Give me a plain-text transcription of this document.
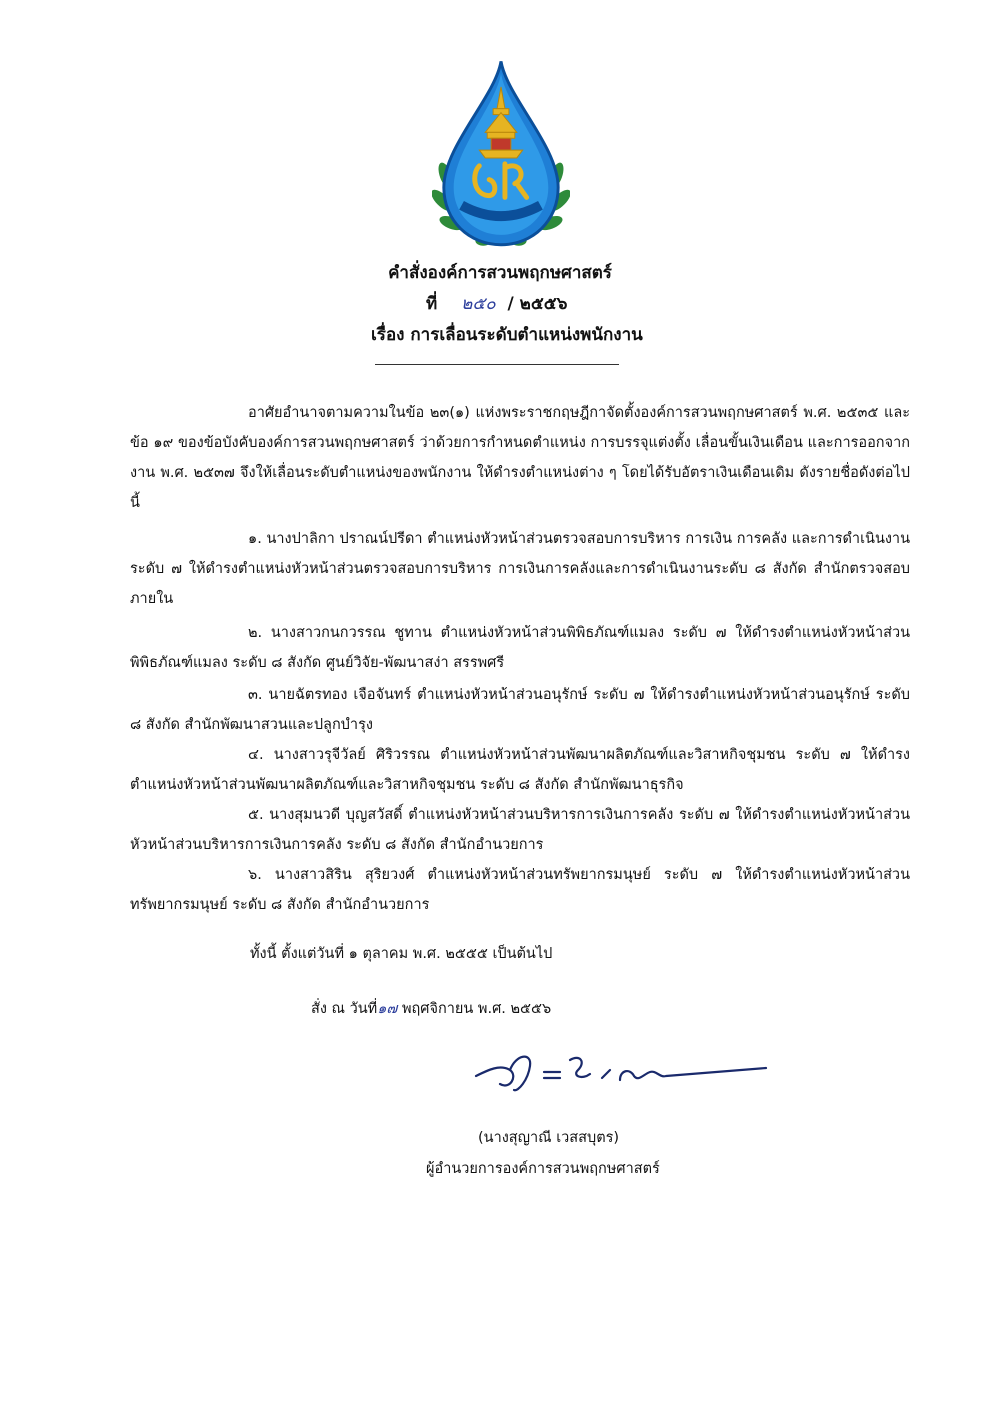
คำสั่งองค์การสวนพฤกษศาสตร์
ที่ ๒๕๐ / ๒๕๕๖
เรื่อง การเลื่อนระดับตำแหน่งพนักงาน
อาศัยอำนาจตามความในข้อ ๒๓(๑) แห่งพระราชกฤษฎีกาจัดตั้งองค์การสวนพฤกษศาสตร์ พ.ศ. ๒๕๓๕ และข้อ ๑๙ ของข้อบังคับองค์การสวนพฤกษศาสตร์ ว่าด้วยการกำหนดตำแหน่ง การบรรจุแต่งตั้ง เลื่อนขั้นเงินเดือน และการออกจากงาน พ.ศ. ๒๕๓๗ จึงให้เลื่อนระดับตำแหน่งของพนักงาน ให้ดำรงตำแหน่งต่าง ๆ โดยได้รับอัตราเงินเดือนเดิม ดังรายชื่อดังต่อไปนี้
๑. นางปาลิกา ปราณน์ปรีดา ตำแหน่งหัวหน้าส่วนตรวจสอบการบริหาร การเงิน การคลัง และการดำเนินงาน ระดับ ๗ ให้ดำรงตำแหน่งหัวหน้าส่วนตรวจสอบการบริหาร การเงินการคลังและการดำเนินงานระดับ ๘ สังกัด สำนักตรวจสอบภายใน
๒. นางสาวกนกวรรณ ชูทาน ตำแหน่งหัวหน้าส่วนพิพิธภัณฑ์แมลง ระดับ ๗ ให้ดำรงตำแหน่งหัวหน้าส่วนพิพิธภัณฑ์แมลง ระดับ ๘ สังกัด ศูนย์วิจัย-พัฒนาสง่า สรรพศรี
๓. นายฉัตรทอง เจือจันทร์ ตำแหน่งหัวหน้าส่วนอนุรักษ์ ระดับ ๗ ให้ดำรงตำแหน่งหัวหน้าส่วนอนุรักษ์ ระดับ ๘ สังกัด สำนักพัฒนาสวนและปลูกบำรุง
๔. นางสาวรุจีวัลย์ ศิริวรรณ ตำแหน่งหัวหน้าส่วนพัฒนาผลิตภัณฑ์และวิสาหกิจชุมชน ระดับ ๗ ให้ดำรงตำแหน่งหัวหน้าส่วนพัฒนาผลิตภัณฑ์และวิสาหกิจชุมชน ระดับ ๘ สังกัด สำนักพัฒนาธุรกิจ
๕. นางสุมนวดี บุญสวัสดิ์ ตำแหน่งหัวหน้าส่วนบริหารการเงินการคลัง ระดับ ๗ ให้ดำรงตำแหน่งหัวหน้าส่วนหัวหน้าส่วนบริหารการเงินการคลัง ระดับ ๘ สังกัด สำนักอำนวยการ
๖. นางสาวสิริน สุริยวงศ์ ตำแหน่งหัวหน้าส่วนทรัพยากรมนุษย์ ระดับ ๗ ให้ดำรงตำแหน่งหัวหน้าส่วนทรัพยากรมนุษย์ ระดับ ๘ สังกัด สำนักอำนวยการ
ทั้งนี้ ตั้งแต่วันที่ ๑ ตุลาคม พ.ศ. ๒๕๕๕ เป็นต้นไป
สั่ง ณ วันที่๑๗ พฤศจิกายน พ.ศ. ๒๕๕๖
(นางสุญาณี เวสสบุตร)
ผู้อำนวยการองค์การสวนพฤกษศาสตร์
